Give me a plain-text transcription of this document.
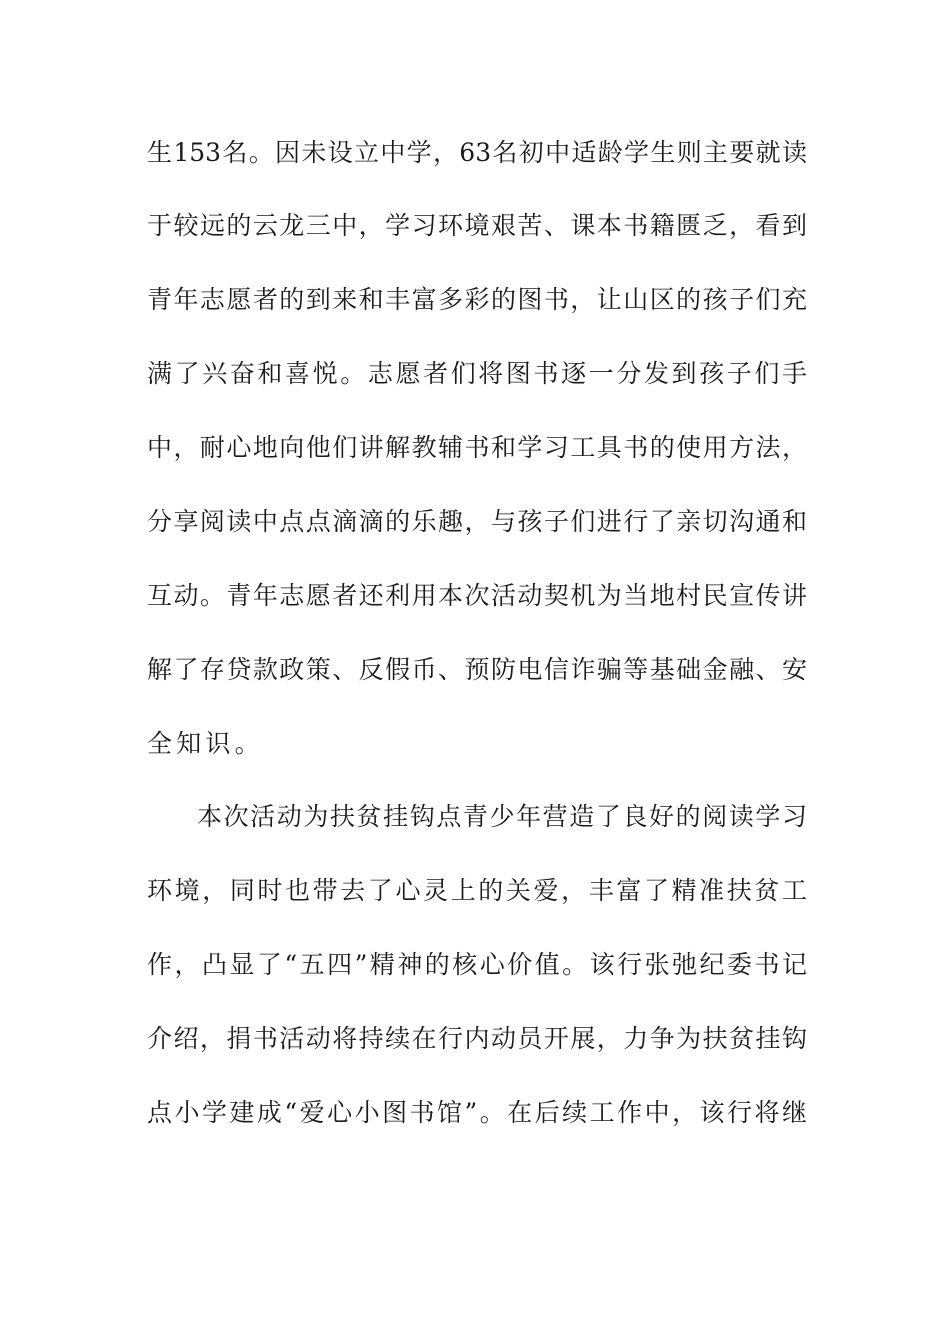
生153名。因未设立中学，63名初中适龄学生则主要就读
于较远的云龙三中，学习环境艰苦、课本书籍匮乏，看到
青年志愿者的到来和丰富多彩的图书，让山区的孩子们充
满了兴奋和喜悦。志愿者们将图书逐一分发到孩子们手
中，耐心地向他们讲解教辅书和学习工具书的使用方法，
分享阅读中点点滴滴的乐趣，与孩子们进行了亲切沟通和
互动。青年志愿者还利用本次活动契机为当地村民宣传讲
解了存贷款政策、反假币、预防电信诈骗等基础金融、安
全知识。
本次活动为扶贫挂钩点青少年营造了良好的阅读学习
环境，同时也带去了心灵上的关爱，丰富了精准扶贫工
作，凸显了“五四”精神的核心价值。该行张弛纪委书记
介绍，捐书活动将持续在行内动员开展，力争为扶贫挂钩
点小学建成“爱心小图书馆”。在后续工作中，该行将继
